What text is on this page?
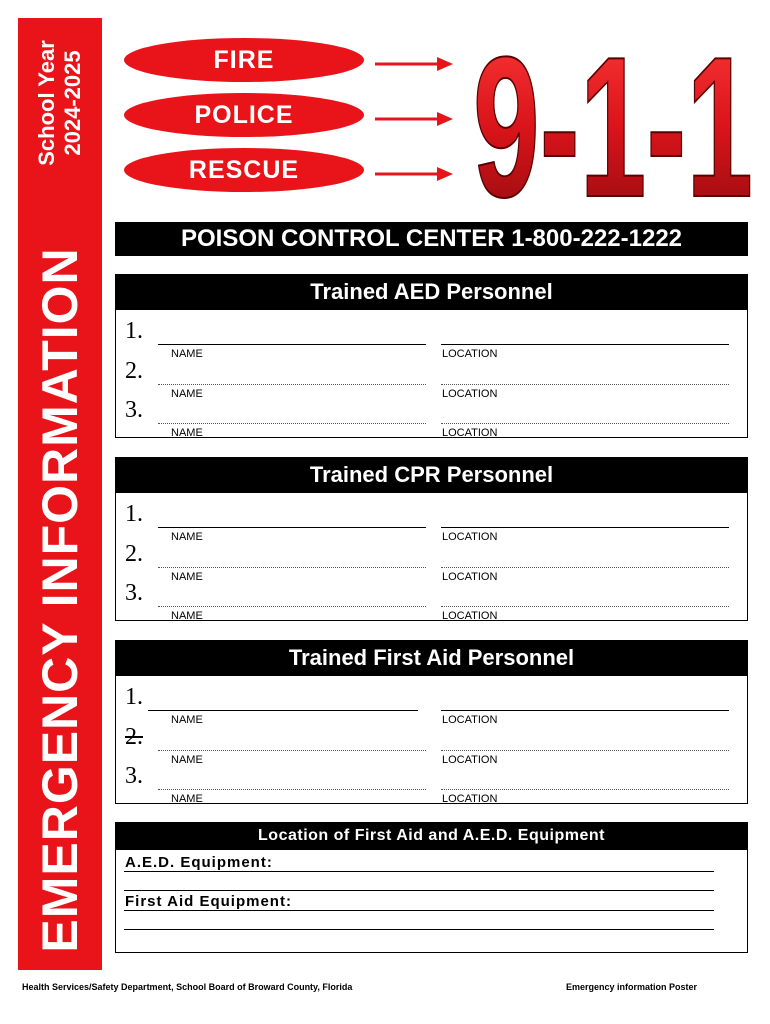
School Year 2024-2025
EMERGENCY INFORMATION
FIRE
POLICE
RESCUE 9-1-1
POISON CONTROL CENTER 1-800-222-1222
Trained AED Personnel
1.
NAME	LOCATION
2.
NAME	LOCATION
3.
NAME	LOCATION
Trained CPR Personnel
1.
NAME	LOCATION
2.
NAME	LOCATION
3.
NAME	LOCATION
Trained First Aid Personnel
1.
NAME	LOCATION
2.
NAME	LOCATION
3.
NAME	LOCATION
Location of First Aid and A.E.D. Equipment
A.E.D. Equipment:
First Aid Equipment:
Health Services/Safety Department, School Board of Broward County, Florida	Emergency information Poster
